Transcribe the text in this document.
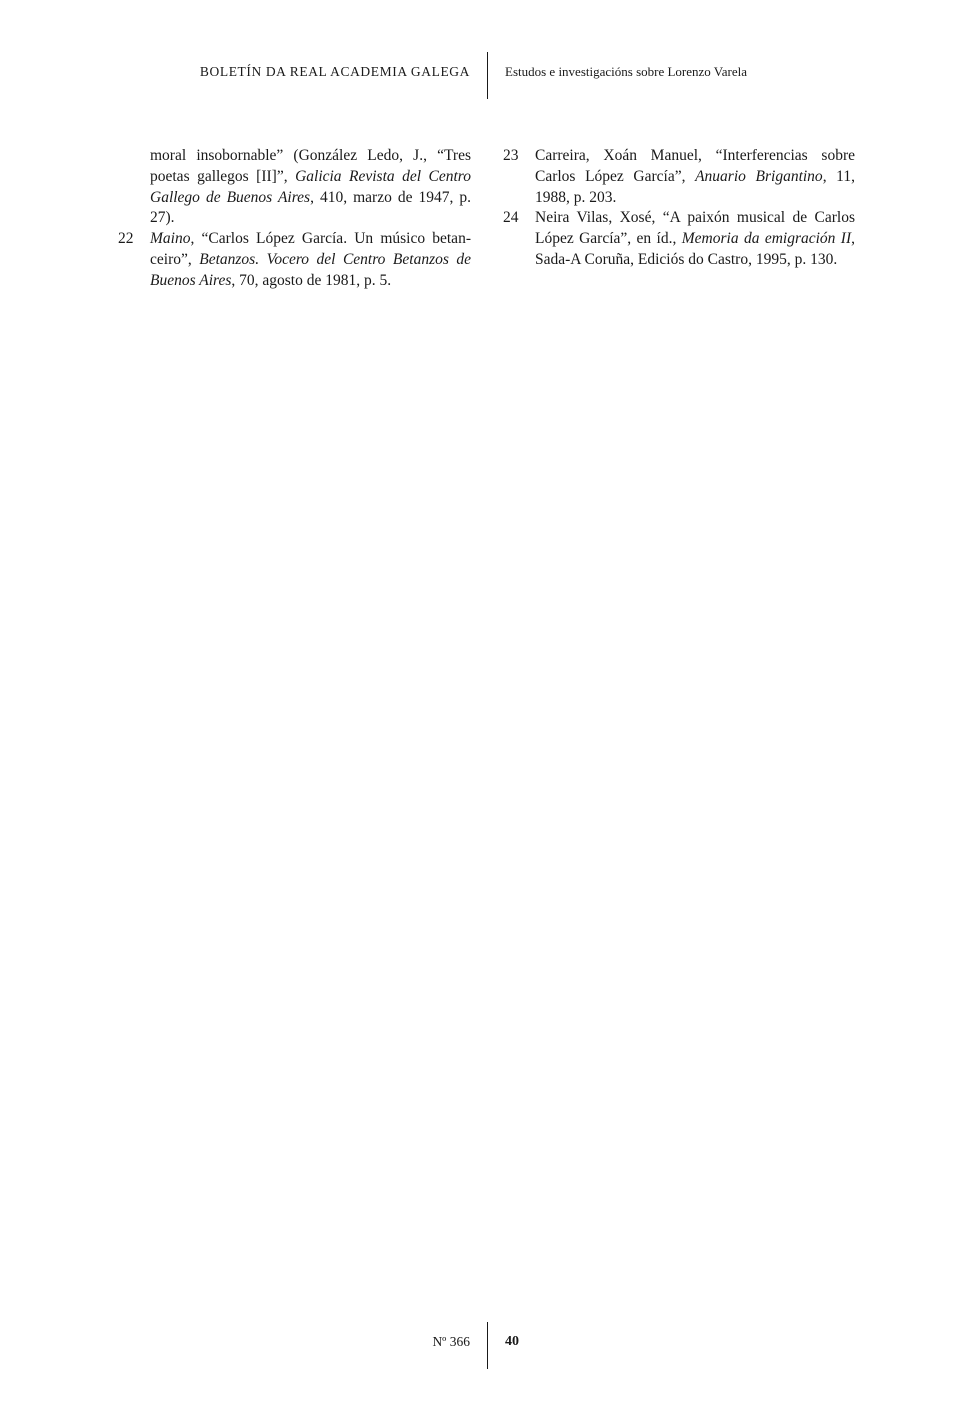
BOLETÍN DA REAL ACADEMIA GALEGA	Estudos e investigacións sobre Lorenzo Varela
moral insobornable” (González Ledo, J., “Tres poetas gallegos [II]”, Galicia Revista del Centro Gallego de Buenos Aires, 410, marzo de 1947, p. 27).
22	Maino, “Carlos López García. Un músico betanceiro”, Betanzos. Vocero del Centro Betanzos de Buenos Aires, 70, agosto de 1981, p. 5.
23	Carreira, Xoán Manuel, “Interferencias sobre Carlos López García”, Anuario Brigantino, 11, 1988, p. 203.
24	Neira Vilas, Xosé, “A paixón musical de Carlos López García”, en íd., Memoria da emigración II, Sada-A Coruña, Ediciós do Castro, 1995, p. 130.
Nº 366	40
